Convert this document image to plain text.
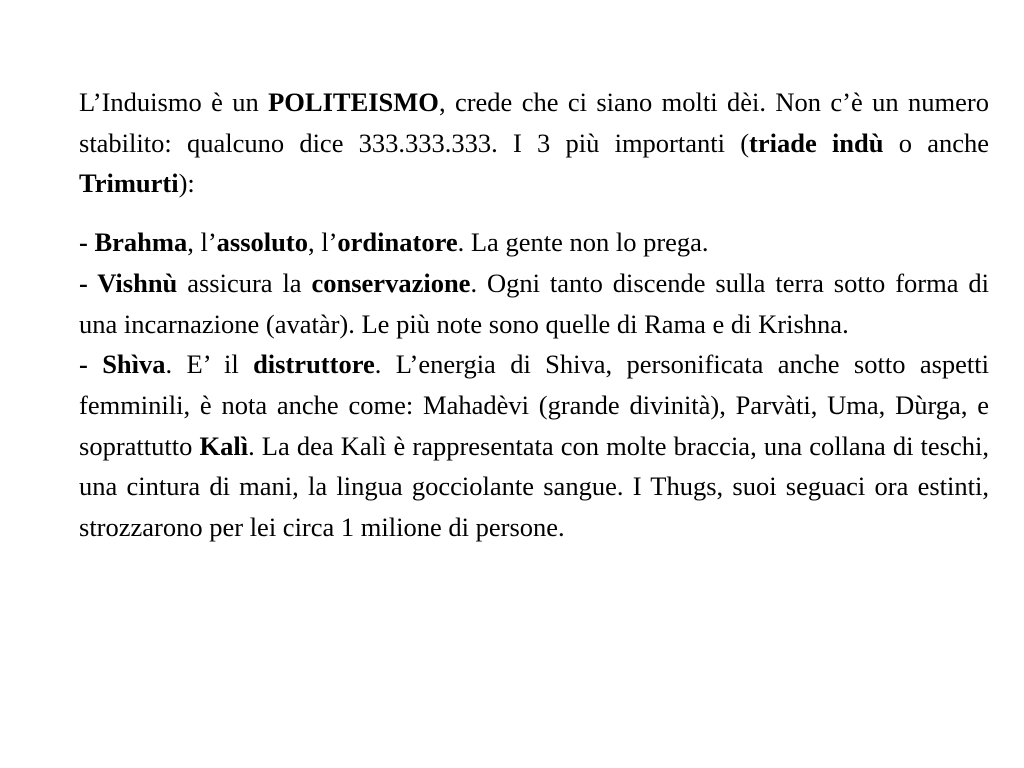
L’Induismo è un POLITEISMO, crede che ci siano molti dèi. Non c’è un numero stabilito: qualcuno dice 333.333.333. I 3 più importanti (triade indù o anche Trimurti):

- Brahma, l’assoluto, l’ordinatore. La gente non lo prega.

- Vishnù assicura la conservazione. Ogni tanto discende sulla terra sotto forma di una incarnazione (avatàr). Le più note sono quelle di Rama e di Krishna.

- Shìva. E’ il distruttore. L’energia di Shiva, personificata anche sotto aspetti femminili, è nota anche come: Mahadèvi (grande divinità), Parvàti, Uma, Dùrga, e soprattutto Kalì. La dea Kalì è rappresentata con molte braccia, una collana di teschi, una cintura di mani, la lingua gocciolante sangue. I Thugs, suoi seguaci ora estinti, strozzarono per lei circa 1 milione di persone.
